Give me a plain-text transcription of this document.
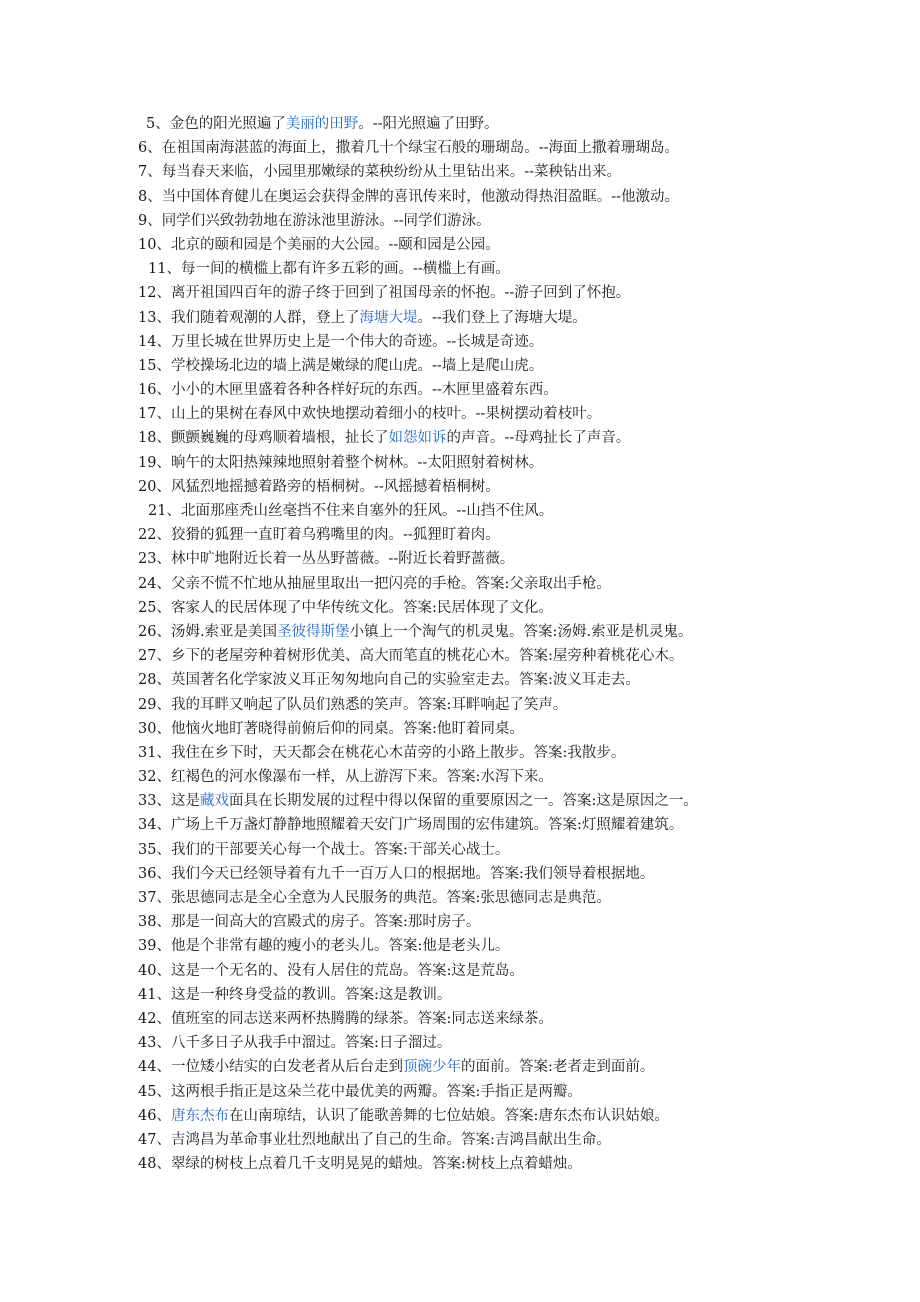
5、金色的阳光照遍了美丽的田野。--阳光照遍了田野。
6、在祖国南海湛蓝的海面上，撒着几十个绿宝石般的珊瑚岛。--海面上撒着珊瑚岛。
7、每当春天来临，小园里那嫩绿的菜秧纷纷从土里钻出来。--菜秧钻出来。
8、当中国体育健儿在奥运会获得金牌的喜讯传来时，他激动得热泪盈眶。--他激动。
9、同学们兴致勃勃地在游泳池里游泳。--同学们游泳。
10、北京的颐和园是个美丽的大公园。--颐和园是公园。
11、每一间的横槛上都有许多五彩的画。--横槛上有画。
12、离开祖国四百年的游子终于回到了祖国母亲的怀抱。--游子回到了怀抱。
13、我们随着观潮的人群，登上了海塘大堤。--我们登上了海塘大堤。
14、万里长城在世界历史上是一个伟大的奇迹。--长城是奇迹。
15、学校操场北边的墙上满是嫩绿的爬山虎。--墙上是爬山虎。
16、小小的木匣里盛着各种各样好玩的东西。--木匣里盛着东西。
17、山上的果树在春风中欢快地摆动着细小的枝叶。--果树摆动着枝叶。
18、颤颤巍巍的母鸡顺着墙根，扯长了如怨如诉的声音。--母鸡扯长了声音。
19、晌午的太阳热辣辣地照射着整个树林。--太阳照射着树林。
20、风猛烈地摇撼着路旁的梧桐树。--风摇撼着梧桐树。
21、北面那座秃山丝毫挡不住来自塞外的狂风。--山挡不住风。
22、狡猾的狐狸一直盯着乌鸦嘴里的肉。--狐狸盯着肉。
23、林中旷地附近长着一丛丛野蔷薇。--附近长着野蔷薇。
24、父亲不慌不忙地从抽屉里取出一把闪亮的手枪。答案:父亲取出手枪。
25、客家人的民居体现了中华传统文化。答案:民居体现了文化。
26、汤姆.索亚是美国圣彼得斯堡小镇上一个淘气的机灵鬼。答案:汤姆.索亚是机灵鬼。
27、乡下的老屋旁种着树形优美、高大而笔直的桃花心木。答案:屋旁种着桃花心木。
28、英国著名化学家波义耳正匆匆地向自己的实验室走去。答案:波义耳走去。
29、我的耳畔又响起了队员们熟悉的笑声。答案:耳畔响起了笑声。
30、他恼火地盯著晓得前俯后仰的同桌。答案:他盯着同桌。
31、我住在乡下时，天天都会在桃花心木苗旁的小路上散步。答案:我散步。
32、红褐色的河水像瀑布一样，从上游泻下来。答案:水泻下来。
33、这是藏戏面具在长期发展的过程中得以保留的重要原因之一。答案:这是原因之一。
34、广场上千万盏灯静静地照耀着天安门广场周围的宏伟建筑。答案:灯照耀着建筑。
35、我们的干部要关心每一个战士。答案:干部关心战士。
36、我们今天已经领导着有九千一百万人口的根据地。答案:我们领导着根据地。
37、张思德同志是全心全意为人民服务的典范。答案:张思德同志是典范。
38、那是一间高大的宫殿式的房子。答案:那时房子。
39、他是个非常有趣的瘦小的老头儿。答案:他是老头儿。
40、这是一个无名的、没有人居住的荒岛。答案:这是荒岛。
41、这是一种终身受益的教训。答案:这是教训。
42、值班室的同志送来两杯热腾腾的绿茶。答案:同志送来绿茶。
43、八千多日子从我手中溜过。答案:日子溜过。
44、一位矮小结实的白发老者从后台走到顶碗少年的面前。答案:老者走到面前。
45、这两根手指正是这朵兰花中最优美的两瓣。答案:手指正是两瓣。
46、唐东杰布在山南琼结，认识了能歌善舞的七位姑娘。答案:唐东杰布认识姑娘。
47、吉鸿昌为革命事业壮烈地献出了自己的生命。答案:吉鸿昌献出生命。
48、翠绿的树枝上点着几千支明晃晃的蜡烛。答案:树枝上点着蜡烛。
